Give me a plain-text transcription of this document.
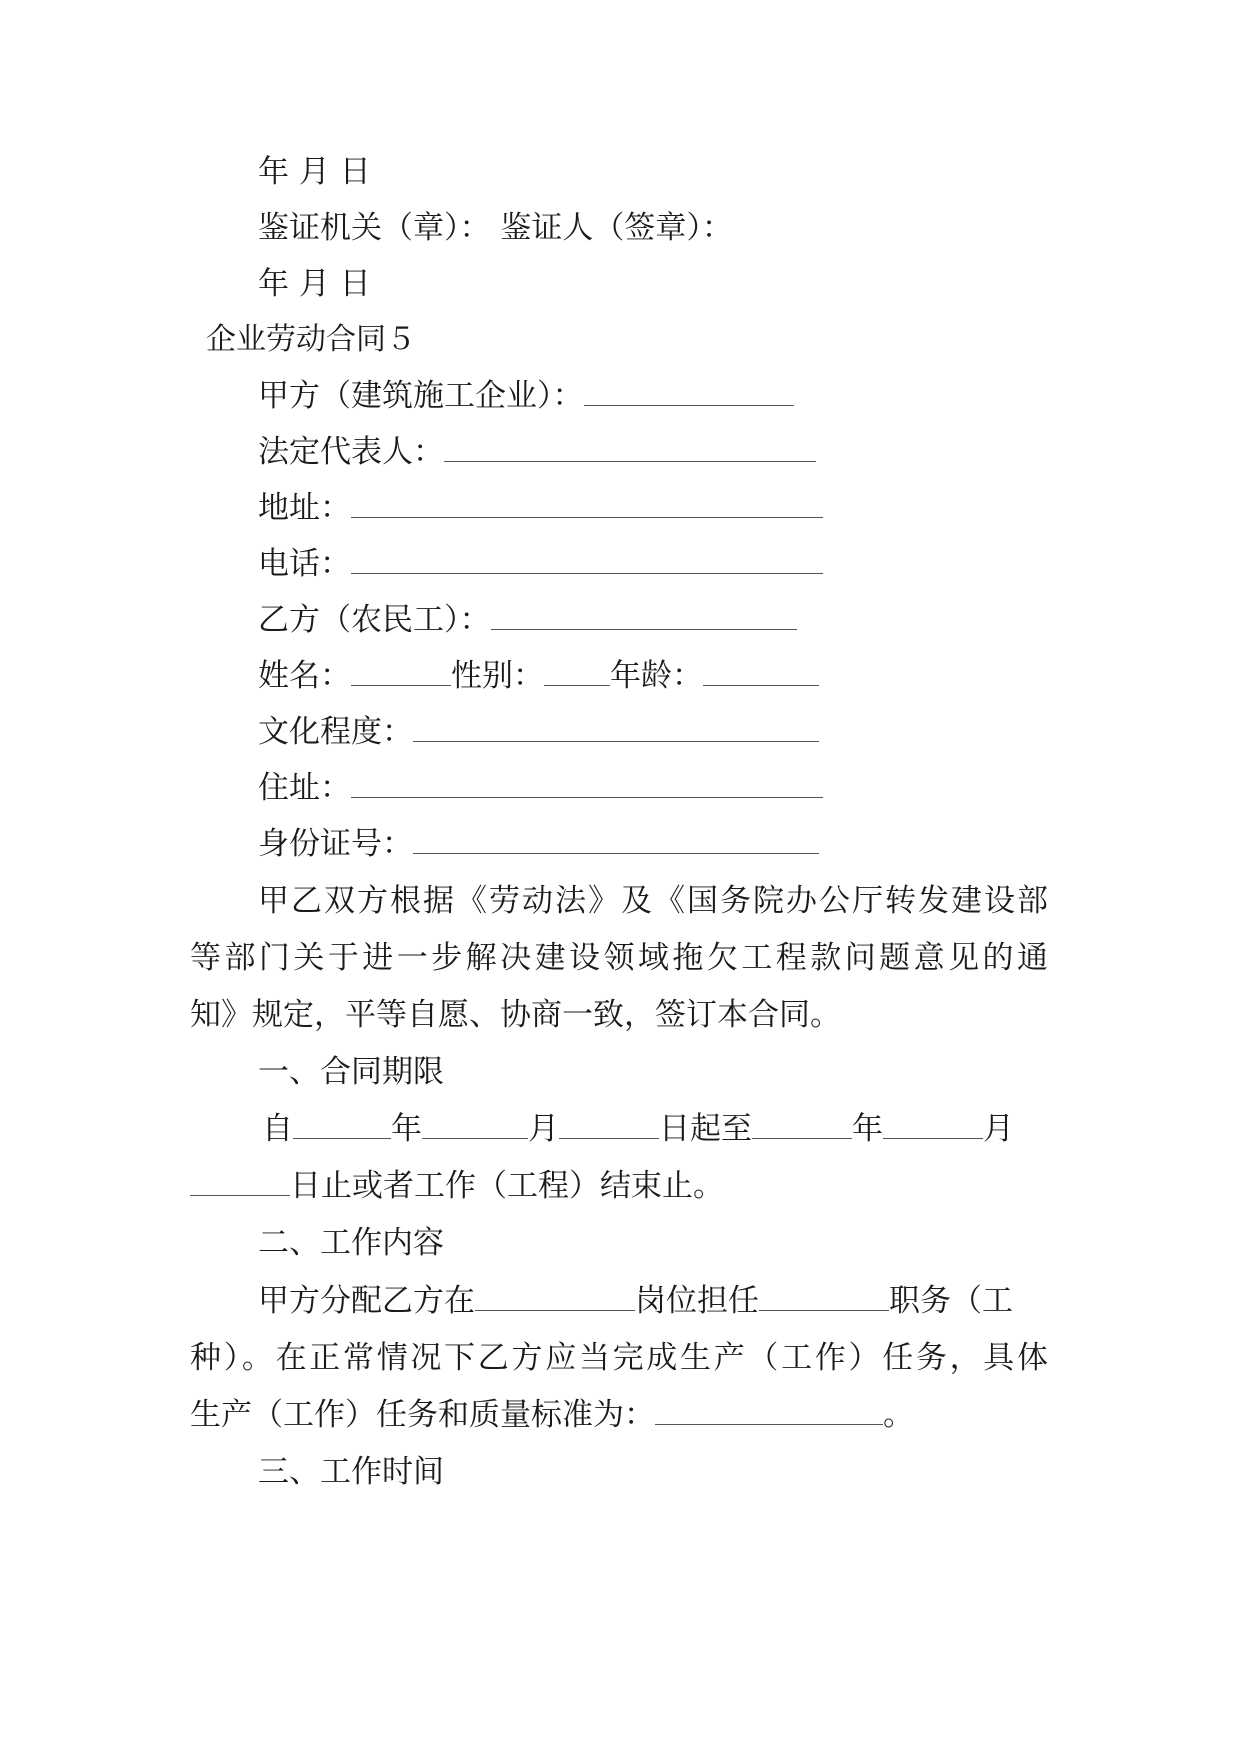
年 月 日
鉴证机关（章）： 鉴证人（签章）：
年 月 日
企业劳动合同５
甲方（建筑施工企业）：
法定代表人：
地址：
电话：
乙方（农民工）：
姓名：	性别： 年龄：
文化程度：
住址：
身份证号：
甲乙双方根据《劳动法》及《国务院办公厅转发建设部
等部门关于进一步解决建设领域拖欠工程款问题意见的通
知》规定，平等自愿、协商一致，签订本合同。
一、合同期限
自	年	月	日起至	年	月
日止或者工作（工程）结束止。
二、工作内容
甲方分配乙方在	岗位担任	职务（工
种）。在正常情况下乙方应当完成生产（工作）任务，具体
生产（工作）任务和质量标准为：	。
三、工作时间
